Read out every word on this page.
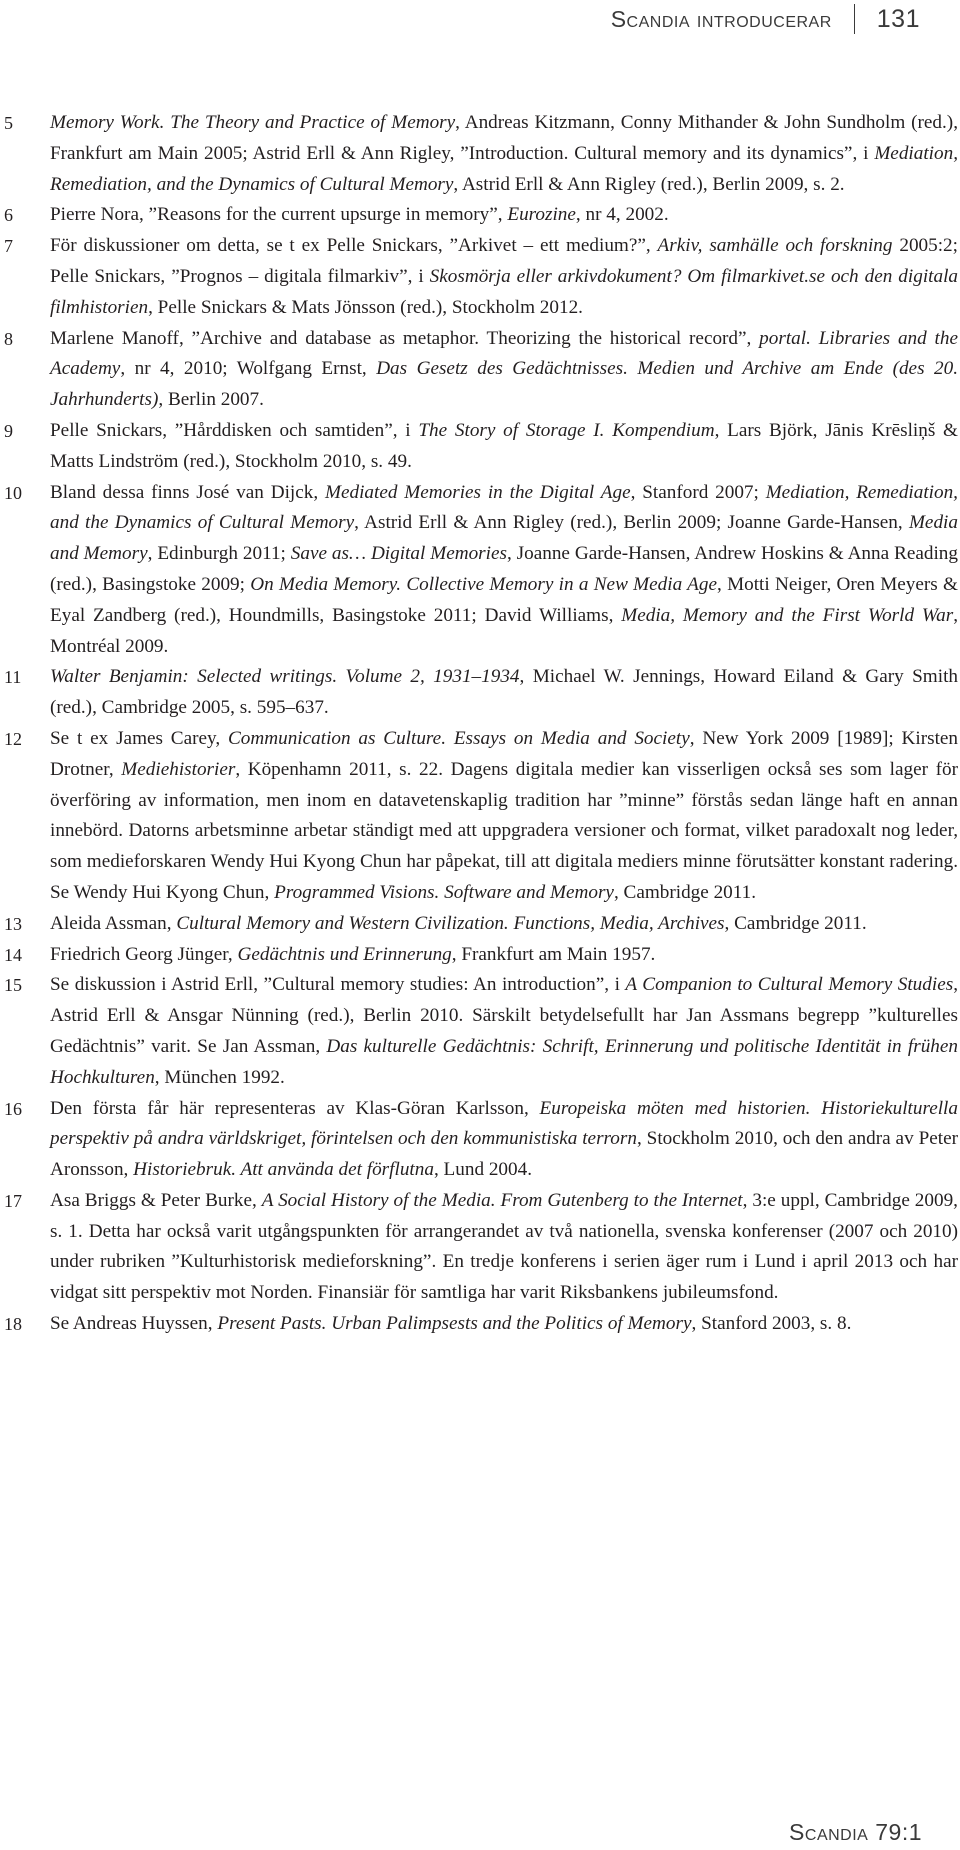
Scandia introducerar 131
5	Memory Work. The Theory and Practice of Memory, Andreas Kitzmann, Conny Mithander & John Sundholm (red.), Frankfurt am Main 2005; Astrid Erll & Ann Rigley, ”Introduction. Cultural memory and its dynamics”, i Mediation, Remediation, and the Dynamics of Cultural Memory, Astrid Erll & Ann Rigley (red.), Berlin 2009, s. 2.
6	Pierre Nora, ”Reasons for the current upsurge in memory”, Eurozine, nr 4, 2002.
7	För diskussioner om detta, se t ex Pelle Snickars, ”Arkivet – ett medium?”, Arkiv, samhälle och forskning 2005:2; Pelle Snickars, ”Prognos – digitala filmarkiv”, i Skosmörja eller arkivdokument? Om filmarkivet.se och den digitala filmhistorien, Pelle Snickars & Mats Jönsson (red.), Stockholm 2012.
8	Marlene Manoff, ”Archive and database as metaphor. Theorizing the historical record”, portal. Libraries and the Academy, nr 4, 2010; Wolfgang Ernst, Das Gesetz des Gedächtnisses. Medien und Archive am Ende (des 20. Jahrhunderts), Berlin 2007.
9	Pelle Snickars, ”Hårddisken och samtiden”, i The Story of Storage I. Kompendium, Lars Björk, Jānis Krēsliņš & Matts Lindström (red.), Stockholm 2010, s. 49.
10	Bland dessa finns José van Dijck, Mediated Memories in the Digital Age, Stanford 2007; Mediation, Remediation, and the Dynamics of Cultural Memory, Astrid Erll & Ann Rigley (red.), Berlin 2009; Joanne Garde-Hansen, Media and Memory, Edinburgh 2011; Save as… Digital Memories, Joanne Garde-Hansen, Andrew Hoskins & Anna Reading (red.), Basingstoke 2009; On Media Memory. Collective Memory in a New Media Age, Motti Neiger, Oren Meyers & Eyal Zandberg (red.), Houndmills, Basingstoke 2011; David Williams, Media, Memory and the First World War, Montréal 2009.
11	Walter Benjamin: Selected writings. Volume 2, 1931–1934, Michael W. Jennings, Howard Eiland & Gary Smith (red.), Cambridge 2005, s. 595–637.
12	Se t ex James Carey, Communication as Culture. Essays on Media and Society, New York 2009 [1989]; Kirsten Drotner, Mediehistorier, Köpenhamn 2011, s. 22. Dagens digitala medier kan visserligen också ses som lager för överföring av information, men inom en datavetenskaplig tradition har ”minne” förstås sedan länge haft en annan innebörd. Datorns arbetsminne arbetar ständigt med att uppgradera versioner och format, vilket paradoxalt nog leder, som medieforskaren Wendy Hui Kyong Chun har påpekat, till att digitala mediers minne förutsätter konstant radering. Se Wendy Hui Kyong Chun, Programmed Visions. Software and Memory, Cambridge 2011.
13	Aleida Assman, Cultural Memory and Western Civilization. Functions, Media, Archives, Cambridge 2011.
14	Friedrich Georg Jünger, Gedächtnis und Erinnerung, Frankfurt am Main 1957.
15	Se diskussion i Astrid Erll, ”Cultural memory studies: An introduction”, i A Companion to Cultural Memory Studies, Astrid Erll & Ansgar Nünning (red.), Berlin 2010. Särskilt betydelsefullt har Jan Assmans begrepp ”kulturelles Gedächtnis” varit. Se Jan Assman, Das kulturelle Gedächtnis: Schrift, Erinnerung und politische Identität in frühen Hochkulturen, München 1992.
16	Den första får här representeras av Klas-Göran Karlsson, Europeiska möten med historien. Historiekulturella perspektiv på andra världskriget, förintelsen och den kommunistiska terrorn, Stockholm 2010, och den andra av Peter Aronsson, Historiebruk. Att använda det förflutna, Lund 2004.
17	Asa Briggs & Peter Burke, A Social History of the Media. From Gutenberg to the Internet, 3:e uppl, Cambridge 2009, s. 1. Detta har också varit utgångspunkten för arrangerandet av två nationella, svenska konferenser (2007 och 2010) under rubriken ”Kulturhistorisk medieforskning”. En tredje konferens i serien äger rum i Lund i april 2013 och har vidgat sitt perspektiv mot Norden. Finansiär för samtliga har varit Riksbankens jubileumsfond.
18	Se Andreas Huyssen, Present Pasts. Urban Palimpsests and the Politics of Memory, Stanford 2003, s. 8.
Scandia 79:1
